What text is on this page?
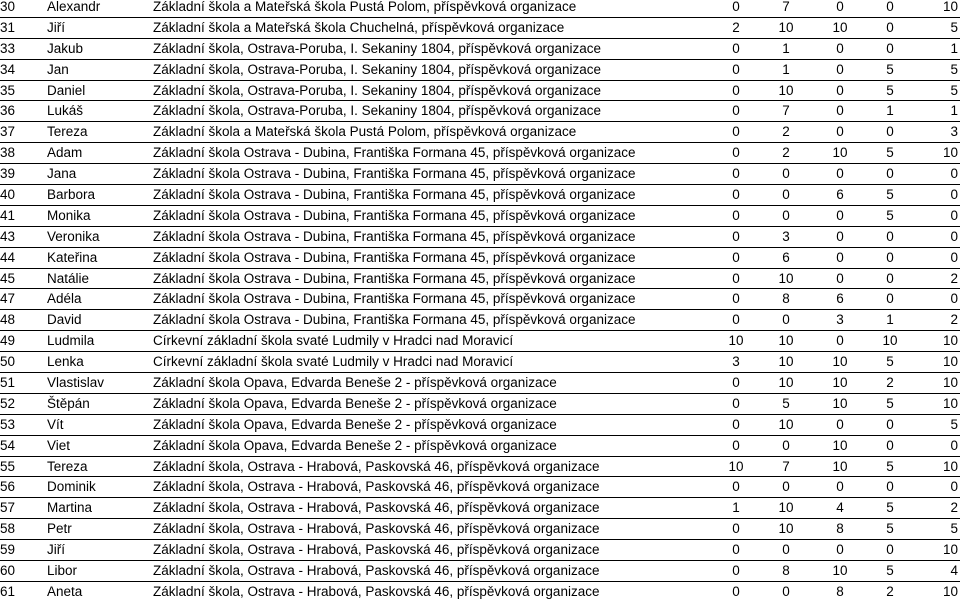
30	Alexandr	Základní škola a Mateřská škola Pustá Polom, příspěvková organizace	0	7	0	0	10
31	Jiří	Základní škola a Mateřská škola Chuchelná, příspěvková organizace	2	10	10	0	5
33	Jakub	Základní škola, Ostrava-Poruba, I. Sekaniny 1804, příspěvková organizace	0	1	0	0	1
34	Jan	Základní škola, Ostrava-Poruba, I. Sekaniny 1804, příspěvková organizace	0	1	0	5	5
35	Daniel	Základní škola, Ostrava-Poruba, I. Sekaniny 1804, příspěvková organizace	0	10	0	5	5
36	Lukáš	Základní škola, Ostrava-Poruba, I. Sekaniny 1804, příspěvková organizace	0	7	0	1	1
37	Tereza	Základní škola a Mateřská škola Pustá Polom, příspěvková organizace	0	2	0	0	3
38	Adam	Základní škola Ostrava - Dubina, Františka Formana 45, příspěvková organizace	0	2	10	5	10
39	Jana	Základní škola Ostrava - Dubina, Františka Formana 45, příspěvková organizace	0	0	0	0	0
40	Barbora	Základní škola Ostrava - Dubina, Františka Formana 45, příspěvková organizace	0	0	6	5	0
41	Monika	Základní škola Ostrava - Dubina, Františka Formana 45, příspěvková organizace	0	0	0	5	0
43	Veronika	Základní škola Ostrava - Dubina, Františka Formana 45, příspěvková organizace	0	3	0	0	0
44	Kateřina	Základní škola Ostrava - Dubina, Františka Formana 45, příspěvková organizace	0	6	0	0	0
45	Natálie	Základní škola Ostrava - Dubina, Františka Formana 45, příspěvková organizace	0	10	0	0	2
47	Adéla	Základní škola Ostrava - Dubina, Františka Formana 45, příspěvková organizace	0	8	6	0	0
48	David	Základní škola Ostrava - Dubina, Františka Formana 45, příspěvková organizace	0	0	3	1	2
49	Ludmila	Církevní základní škola svaté Ludmily v Hradci nad Moravicí	10	10	0	10	10
50	Lenka	Církevní základní škola svaté Ludmily v Hradci nad Moravicí	3	10	10	5	10
51	Vlastislav	Základní škola Opava, Edvarda Beneše 2 - příspěvková organizace	0	10	10	2	10
52	Štěpán	Základní škola Opava, Edvarda Beneše 2 - příspěvková organizace	0	5	10	5	10
53	Vít	Základní škola Opava, Edvarda Beneše 2 - příspěvková organizace	0	10	0	0	5
54	Viet	Základní škola Opava, Edvarda Beneše 2 - příspěvková organizace	0	0	10	0	0
55	Tereza	Základní škola, Ostrava - Hrabová, Paskovská 46, příspěvková organizace	10	7	10	5	10
56	Dominik	Základní škola, Ostrava - Hrabová, Paskovská 46, příspěvková organizace	0	0	0	0	0
57	Martina	Základní škola, Ostrava - Hrabová, Paskovská 46, příspěvková organizace	1	10	4	5	2
58	Petr	Základní škola, Ostrava - Hrabová, Paskovská 46, příspěvková organizace	0	10	8	5	5
59	Jiří	Základní škola, Ostrava - Hrabová, Paskovská 46, příspěvková organizace	0	0	0	0	10
60	Libor	Základní škola, Ostrava - Hrabová, Paskovská 46, příspěvková organizace	0	8	10	5	4
61	Aneta	Základní škola, Ostrava - Hrabová, Paskovská 46, příspěvková organizace	0	0	8	2	10
